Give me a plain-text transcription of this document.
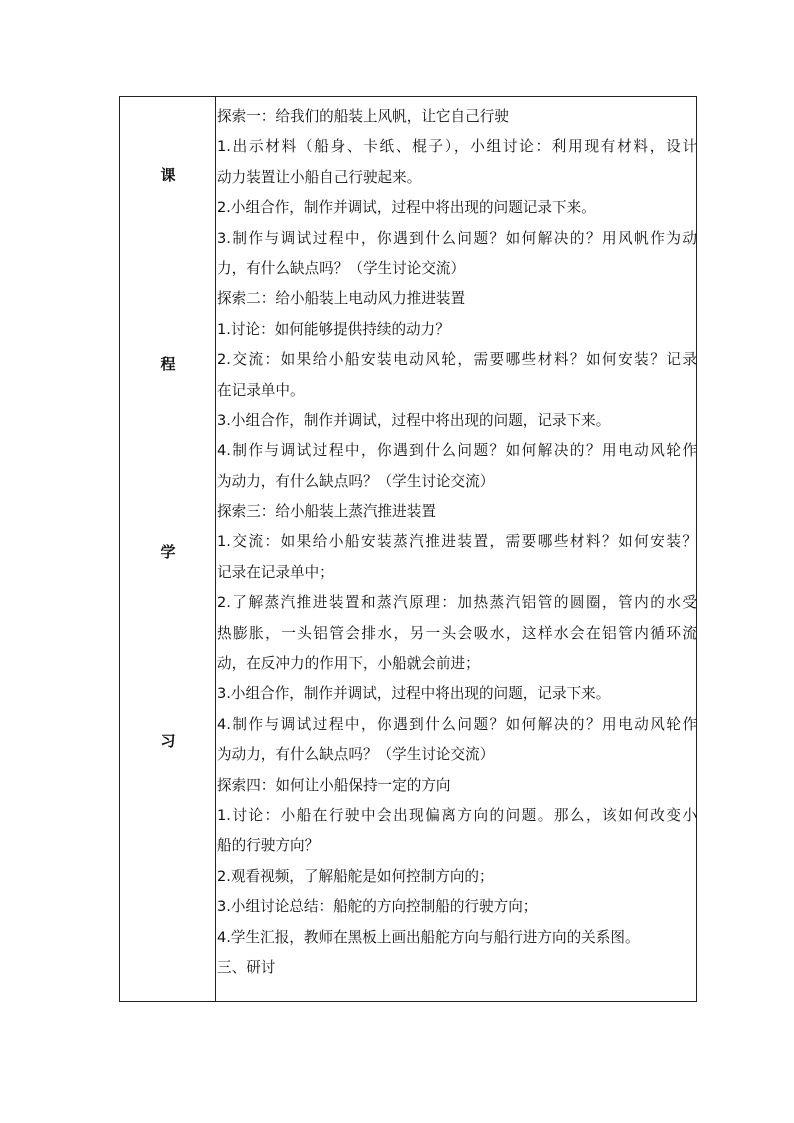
课
程
学
习
探索一：给我们的船装上风帆，让它自己行驶
1.出示材料（船身、卡纸、棍子），小组讨论：利用现有材料，设计
动力装置让小船自己行驶起来。
2.小组合作，制作并调试，过程中将出现的问题记录下来。
3.制作与调试过程中，你遇到什么问题？如何解决的？用风帆作为动
力，有什么缺点吗？（学生讨论交流）
探索二：给小船装上电动风力推进装置
1.讨论：如何能够提供持续的动力？
2.交流：如果给小船安装电动风轮，需要哪些材料？如何安装？记录
在记录单中。
3.小组合作，制作并调试，过程中将出现的问题，记录下来。
4.制作与调试过程中，你遇到什么问题？如何解决的？用电动风轮作
为动力，有什么缺点吗？（学生讨论交流）
探索三：给小船装上蒸汽推进装置
1.交流：如果给小船安装蒸汽推进装置，需要哪些材料？如何安装？
记录在记录单中；
2.了解蒸汽推进装置和蒸汽原理：加热蒸汽铝管的圆圈，管内的水受
热膨胀，一头铝管会排水，另一头会吸水，这样水会在铝管内循环流
动，在反冲力的作用下，小船就会前进；
3.小组合作，制作并调试，过程中将出现的问题，记录下来。
4.制作与调试过程中，你遇到什么问题？如何解决的？用电动风轮作
为动力，有什么缺点吗？（学生讨论交流）
探索四：如何让小船保持一定的方向
1.讨论：小船在行驶中会出现偏离方向的问题。那么，该如何改变小
船的行驶方向？
2.观看视频，了解船舵是如何控制方向的；
3.小组讨论总结：船舵的方向控制船的行驶方向；
4.学生汇报，教师在黑板上画出船舵方向与船行进方向的关系图。
三、研讨
